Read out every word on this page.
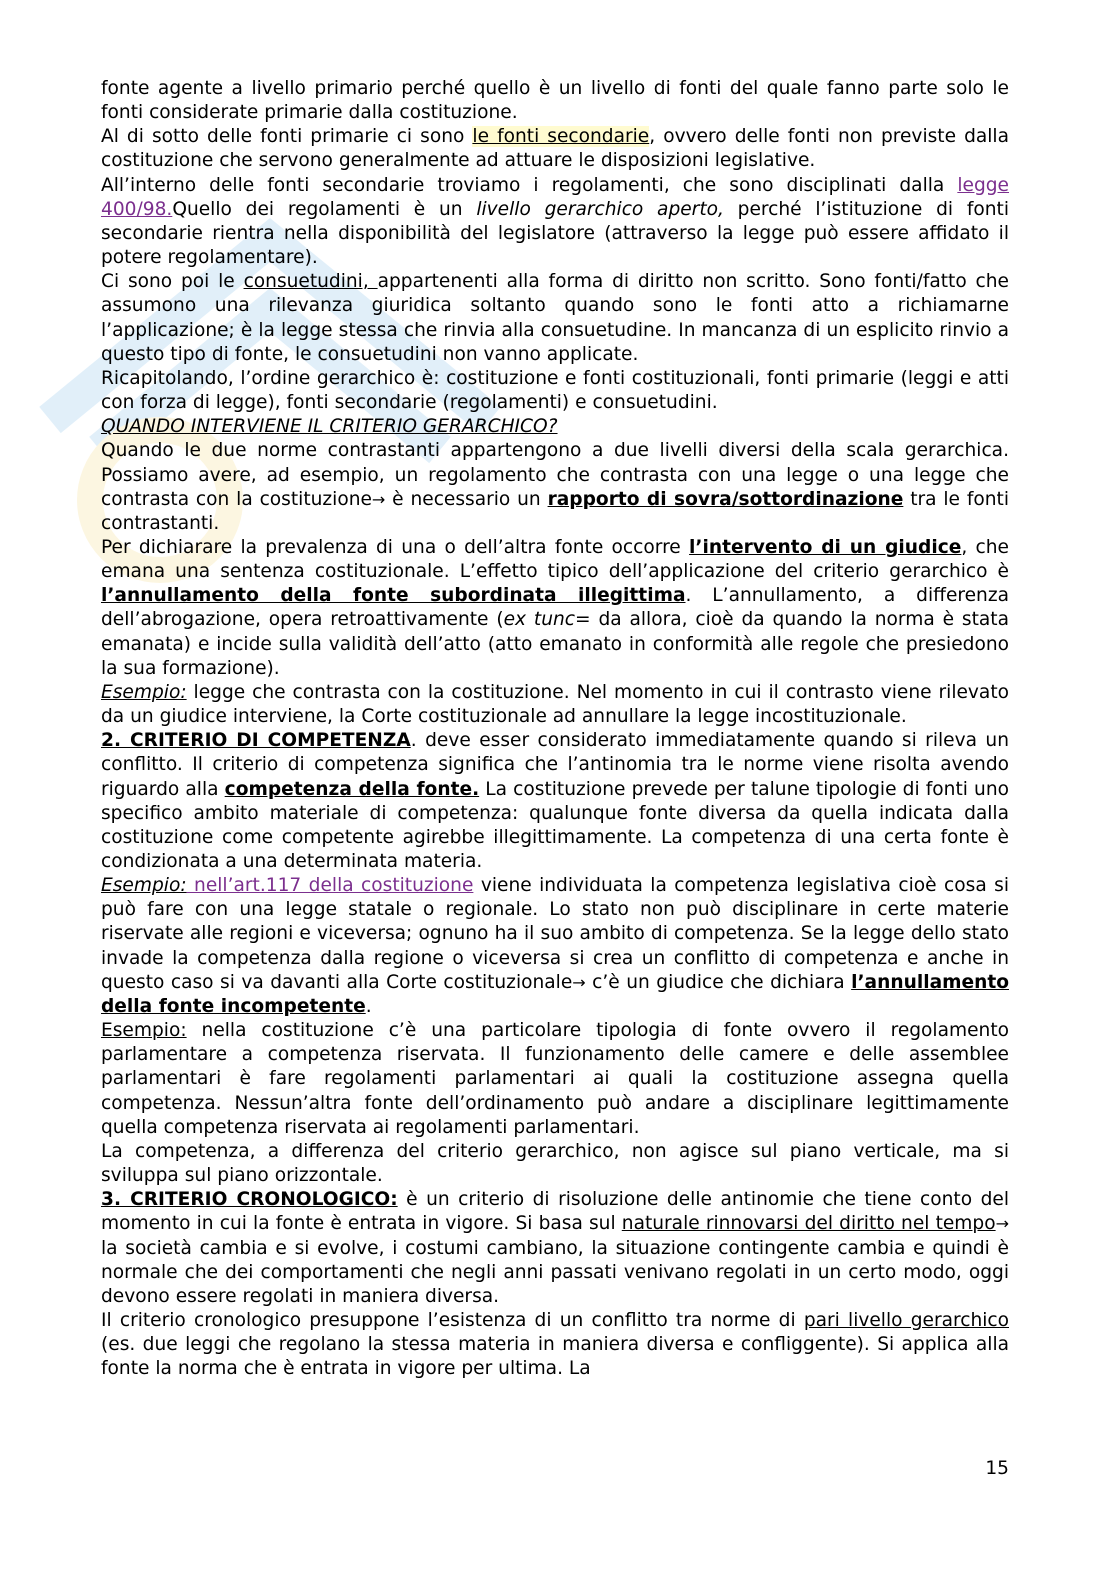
fonte agente a livello primario perché quello è un livello di fonti del quale fanno parte solo le fonti considerate primarie dalla costituzione.

Al di sotto delle fonti primarie ci sono le fonti secondarie, ovvero delle fonti non previste dalla costituzione che servono generalmente ad attuare le disposizioni legislative.

All’interno delle fonti secondarie troviamo i regolamenti, che sono disciplinati dalla legge 400/98.Quello dei regolamenti è un livello gerarchico aperto, perché l’istituzione di fonti secondarie rientra nella disponibilità del legislatore (attraverso la legge può essere affidato il potere regolamentare).

Ci sono poi le consuetudini, appartenenti alla forma di diritto non scritto. Sono fonti/fatto che assumono una rilevanza giuridica soltanto quando sono le fonti atto a richiamarne l’applicazione; è la legge stessa che rinvia alla consuetudine. In mancanza di un esplicito rinvio a questo tipo di fonte, le consuetudini non vanno applicate.

Ricapitolando, l’ordine gerarchico è: costituzione e fonti costituzionali, fonti primarie (leggi e atti con forza di legge), fonti secondarie (regolamenti) e consuetudini.

QUANDO INTERVIENE IL CRITERIO GERARCHICO?

Quando le due norme contrastanti appartengono a due livelli diversi della scala gerarchica. Possiamo avere, ad esempio, un regolamento che contrasta con una legge o una legge che contrasta con la costituzione→ è necessario un rapporto di sovra/sottordinazione tra le fonti contrastanti.

Per dichiarare la prevalenza di una o dell’altra fonte occorre l’intervento di un giudice, che emana una sentenza costituzionale. L’effetto tipico dell’applicazione del criterio gerarchico è l’annullamento della fonte subordinata illegittima. L’annullamento, a differenza dell’abrogazione, opera retroattivamente (ex tunc= da allora, cioè da quando la norma è stata emanata) e incide sulla validità dell’atto (atto emanato in conformità alle regole che presiedono la sua formazione).

Esempio: legge che contrasta con la costituzione. Nel momento in cui il contrasto viene rilevato da un giudice interviene, la Corte costituzionale ad annullare la legge incostituzionale.

2. CRITERIO DI COMPETENZA. deve esser considerato immediatamente quando si rileva un conflitto. Il criterio di competenza significa che l’antinomia tra le norme viene risolta avendo riguardo alla competenza della fonte. La costituzione prevede per talune tipologie di fonti uno specifico ambito materiale di competenza: qualunque fonte diversa da quella indicata dalla costituzione come competente agirebbe illegittimamente. La competenza di una certa fonte è condizionata a una determinata materia.

Esempio: nell’art.117 della costituzione viene individuata la competenza legislativa cioè cosa si può fare con una legge statale o regionale. Lo stato non può disciplinare in certe materie riservate alle regioni e viceversa; ognuno ha il suo ambito di competenza. Se la legge dello stato invade la competenza dalla regione o viceversa si crea un conflitto di competenza e anche in questo caso si va davanti alla Corte costituzionale→ c’è un giudice che dichiara l’annullamento della fonte incompetente.

Esempio: nella costituzione c’è una particolare tipologia di fonte ovvero il regolamento parlamentare a competenza riservata. Il funzionamento delle camere e delle assemblee parlamentari è fare regolamenti parlamentari ai quali la costituzione assegna quella competenza. Nessun’altra fonte dell’ordinamento può andare a disciplinare legittimamente quella competenza riservata ai regolamenti parlamentari.

La competenza, a differenza del criterio gerarchico, non agisce sul piano verticale, ma si sviluppa sul piano orizzontale.

3. CRITERIO CRONOLOGICO: è un criterio di risoluzione delle antinomie che tiene conto del momento in cui la fonte è entrata in vigore. Si basa sul naturale rinnovarsi del diritto nel tempo→ la società cambia e si evolve, i costumi cambiano, la situazione contingente cambia e quindi è normale che dei comportamenti che negli anni passati venivano regolati in un certo modo, oggi devono essere regolati in maniera diversa.

Il criterio cronologico presuppone l’esistenza di un conflitto tra norme di pari livello gerarchico (es. due leggi che regolano la stessa materia in maniera diversa e confliggente). Si applica alla fonte la norma che è entrata in vigore per ultima. La

15
